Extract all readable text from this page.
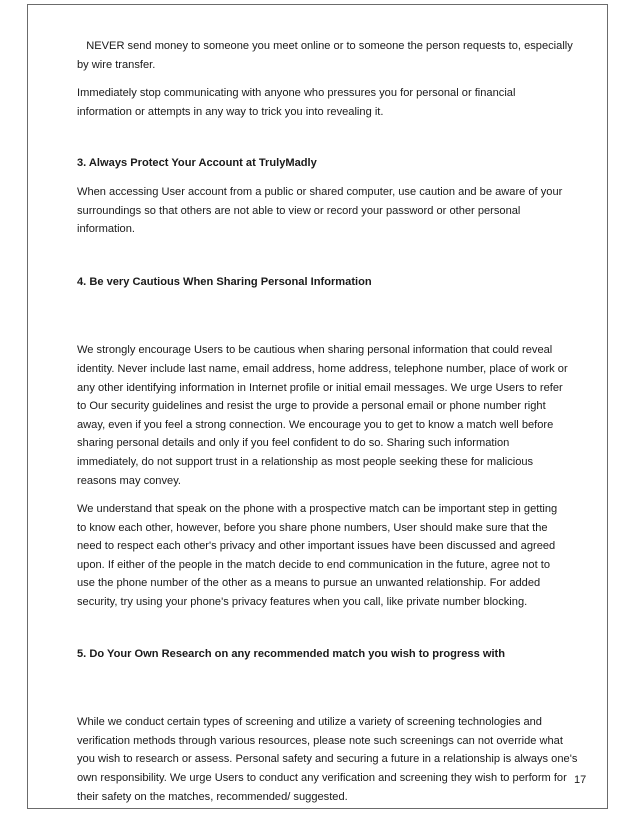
NEVER send money to someone you meet online or to someone the person requests to, especially
by wire transfer.

Immediately stop communicating with anyone who pressures you for personal or financial
information or attempts in any way to trick you into revealing it.

3. Always Protect Your Account at TrulyMadly

When accessing User account from a public or shared computer, use caution and be aware of your
surroundings so that others are not able to view or record your password or other personal
information.

4. Be very Cautious When Sharing Personal Information

We strongly encourage Users to be cautious when sharing personal information that could reveal
identity. Never include last name, email address, home address, telephone number, place of work or
any other identifying information in Internet profile or initial email messages. We urge Users to refer
to Our security guidelines and resist the urge to provide a personal email or phone number right
away, even if you feel a strong connection. We encourage you to get to know a match well before
sharing personal details and only if you feel confident to do so. Sharing such information
immediately, do not support trust in a relationship as most people seeking these for malicious
reasons may convey.

We understand that speak on the phone with a prospective match can be important step in getting
to know each other, however, before you share phone numbers, User should make sure that the
need to respect each other's privacy and other important issues have been discussed and agreed
upon. If either of the people in the match decide to end communication in the future, agree not to
use the phone number of the other as a means to pursue an unwanted relationship. For added
security, try using your phone's privacy features when you call, like private number blocking.

5. Do Your Own Research on any recommended match you wish to progress with

While we conduct certain types of screening and utilize a variety of screening technologies and
verification methods through various resources, please note such screenings can not override what
you wish to research or assess. Personal safety and securing a future in a relationship is always one's
own responsibility. We urge Users to conduct any verification and screening they wish to perform for
their safety on the matches, recommended/ suggested.

17
